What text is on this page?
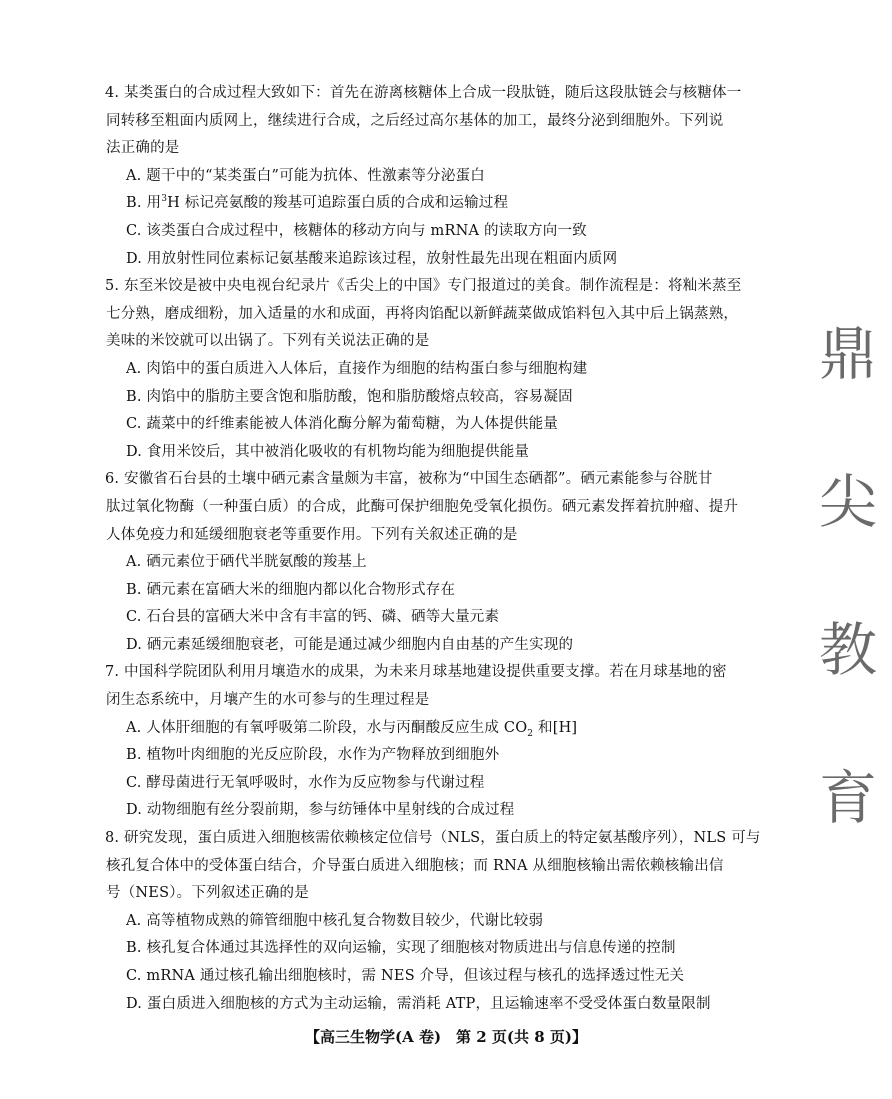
4. 某类蛋白的合成过程大致如下：首先在游离核糖体上合成一段肽链，随后这段肽链会与核糖体一
同转移至粗面内质网上，继续进行合成，之后经过高尔基体的加工，最终分泌到细胞外。下列说
法正确的是
A. 题干中的“某类蛋白”可能为抗体、性激素等分泌蛋白
B. 用$^3$H 标记亮氨酸的羧基可追踪蛋白质的合成和运输过程
C. 该类蛋白合成过程中，核糖体的移动方向与 mRNA 的读取方向一致
D. 用放射性同位素标记氨基酸来追踪该过程，放射性最先出现在粗面内质网
5. 东至米饺是被中央电视台纪录片《舌尖上的中国》专门报道过的美食。制作流程是：将籼米蒸至
七分熟，磨成细粉，加入适量的水和成面，再将肉馅配以新鲜蔬菜做成馅料包入其中后上锅蒸熟，
美味的米饺就可以出锅了。下列有关说法正确的是
A. 肉馅中的蛋白质进入人体后，直接作为细胞的结构蛋白参与细胞构建
B. 肉馅中的脂肪主要含饱和脂肪酸，饱和脂肪酸熔点较高，容易凝固
C. 蔬菜中的纤维素能被人体消化酶分解为葡萄糖，为人体提供能量
D. 食用米饺后，其中被消化吸收的有机物均能为细胞提供能量
6. 安徽省石台县的土壤中硒元素含量颇为丰富，被称为“中国生态硒都”。硒元素能参与谷胱甘
肽过氧化物酶（一种蛋白质）的合成，此酶可保护细胞免受氧化损伤。硒元素发挥着抗肿瘤、提升
人体免疫力和延缓细胞衰老等重要作用。下列有关叙述正确的是
A. 硒元素位于硒代半胱氨酸的羧基上
B. 硒元素在富硒大米的细胞内都以化合物形式存在
C. 石台县的富硒大米中含有丰富的钙、磷、硒等大量元素
D. 硒元素延缓细胞衰老，可能是通过减少细胞内自由基的产生实现的
7. 中国科学院团队利用月壤造水的成果，为未来月球基地建设提供重要支撑。若在月球基地的密
闭生态系统中，月壤产生的水可参与的生理过程是
A. 人体肝细胞的有氧呼吸第二阶段，水与丙酮酸反应生成 $CO_2$ 和[H]
B. 植物叶肉细胞的光反应阶段，水作为产物释放到细胞外
C. 酵母菌进行无氧呼吸时，水作为反应物参与代谢过程
D. 动物细胞有丝分裂前期，参与纺锤体中星射线的合成过程
8. 研究发现，蛋白质进入细胞核需依赖核定位信号（NLS，蛋白质上的特定氨基酸序列），NLS 可与
核孔复合体中的受体蛋白结合，介导蛋白质进入细胞核；而 RNA 从细胞核输出需依赖核输出信
号（NES）。下列叙述正确的是
A. 高等植物成熟的筛管细胞中核孔复合物数目较少，代谢比较弱
B. 核孔复合体通过其选择性的双向运输，实现了细胞核对物质进出与信息传递的控制
C. mRNA 通过核孔输出细胞核时，需 NES 介导，但该过程与核孔的选择透过性无关
D. 蛋白质进入细胞核的方式为主动运输，需消耗 ATP，且运输速率不受受体蛋白数量限制
鼎
尖
教
育
【高三生物学(A 卷)　第 2 页(共 8 页)】
